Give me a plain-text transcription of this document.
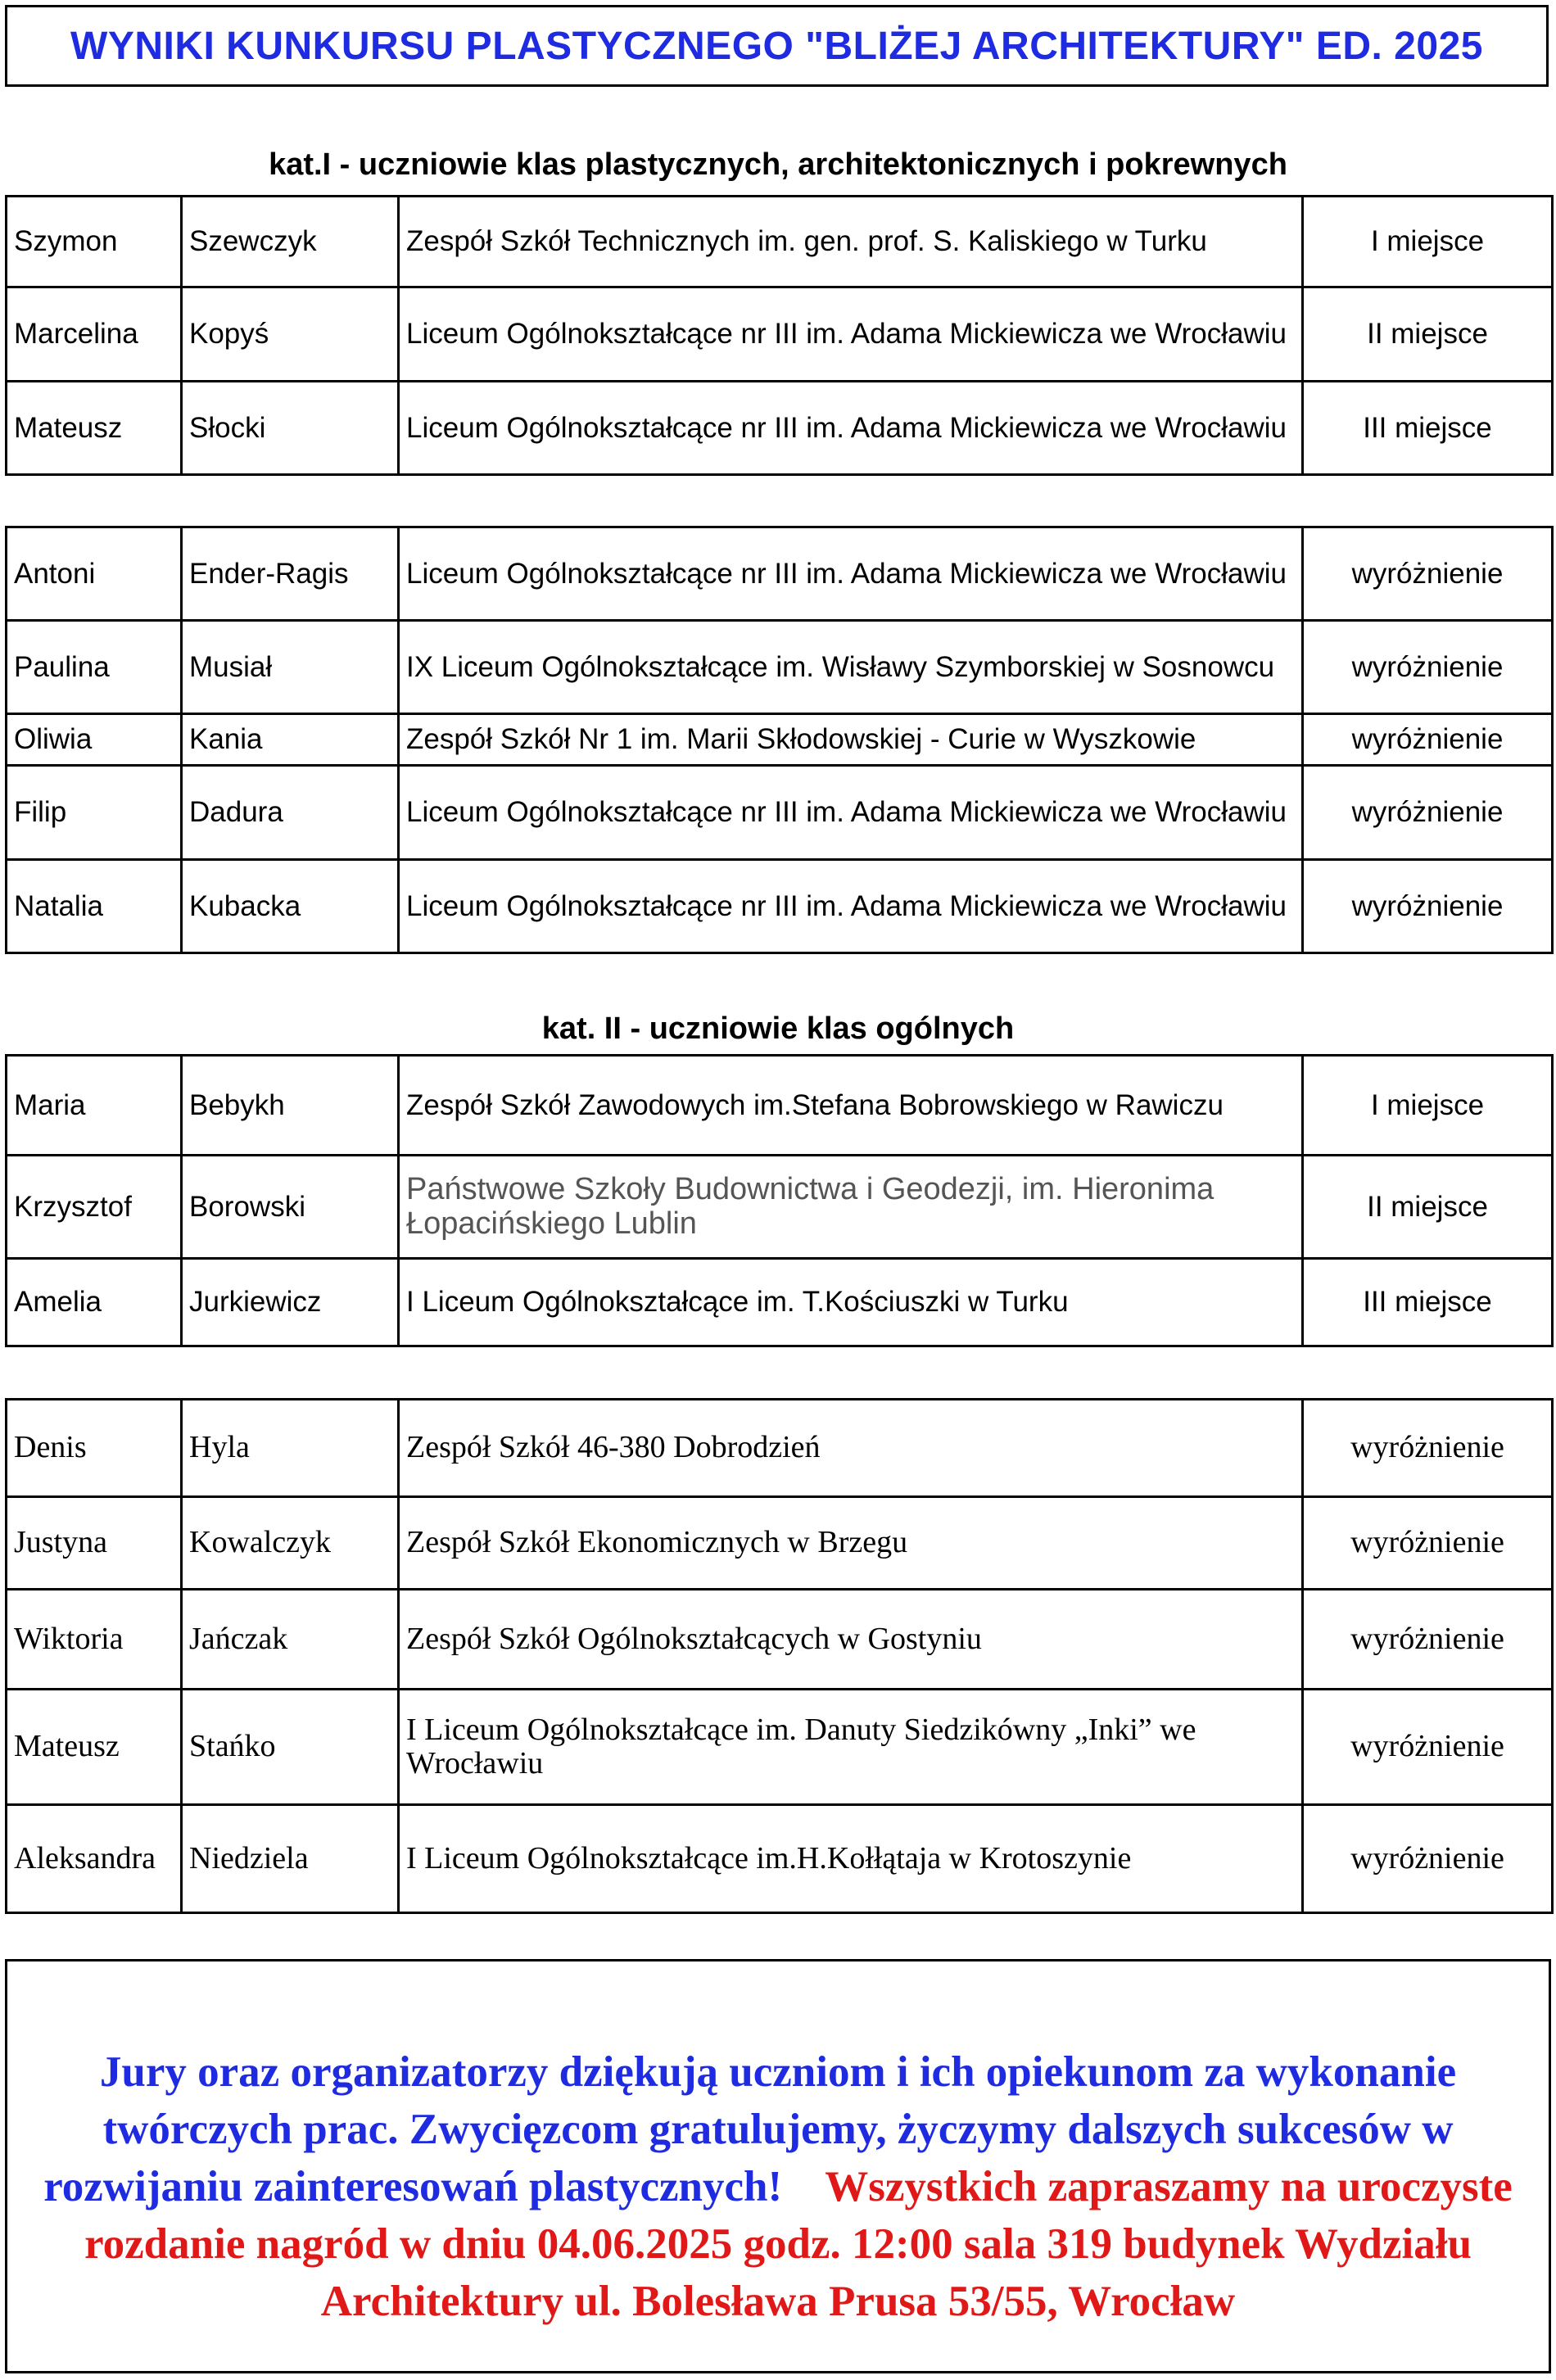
WYNIKI KUNKURSU PLASTYCZNEGO "BLIŻEJ ARCHITEKTURY" ED. 2025
kat.I - uczniowie klas plastycznych, architektonicznych i pokrewnych
Szymon	Szewczyk	Zespół Szkół Technicznych im. gen. prof. S. Kaliskiego w Turku	I miejsce
Marcelina	Kopyś	Liceum Ogólnokształcące nr III im. Adama Mickiewicza we Wrocławiu	II miejsce
Mateusz	Słocki	Liceum Ogólnokształcące nr III im. Adama Mickiewicza we Wrocławiu	III miejsce
Antoni	Ender-Ragis	Liceum Ogólnokształcące nr III im. Adama Mickiewicza we Wrocławiu	wyróżnienie
Paulina	Musiał	IX Liceum Ogólnokształcące im. Wisławy Szymborskiej w Sosnowcu	wyróżnienie
Oliwia	Kania	Zespół Szkół Nr 1 im. Marii Skłodowskiej - Curie w Wyszkowie	wyróżnienie
Filip	Dadura	Liceum Ogólnokształcące nr III im. Adama Mickiewicza we Wrocławiu	wyróżnienie
Natalia	Kubacka	Liceum Ogólnokształcące nr III im. Adama Mickiewicza we Wrocławiu	wyróżnienie
kat. II - uczniowie klas ogólnych
Maria	Bebykh	Zespół Szkół Zawodowych im.Stefana Bobrowskiego w Rawiczu	I miejsce
Krzysztof	Borowski	Państwowe Szkoły Budownictwa i Geodezji, im. Hieronima Łopacińskiego Lublin	II miejsce
Amelia	Jurkiewicz	I Liceum Ogólnokształcące im. T.Kościuszki w Turku	III miejsce
Denis	Hyla	Zespół Szkół 46-380 Dobrodzień	wyróżnienie
Justyna	Kowalczyk	Zespół Szkół Ekonomicznych w Brzegu	wyróżnienie
Wiktoria	Jańczak	Zespół Szkół Ogólnokształcących w Gostyniu	wyróżnienie
Mateusz	Stańko	I Liceum Ogólnokształcące im. Danuty Siedzikówny „Inki” we Wrocławiu	wyróżnienie
Aleksandra	Niedziela	I Liceum Ogólnokształcące im.H.Kołłątaja w Krotoszynie	wyróżnienie
Jury oraz organizatorzy dziękują uczniom i ich opiekunom za wykonanie twórczych prac. Zwycięzcom gratulujemy, życzymy dalszych sukcesów w rozwijaniu zainteresowań plastycznych! Wszystkich zapraszamy na uroczyste rozdanie nagród w dniu 04.06.2025 godz. 12:00 sala 319 budynek Wydziału Architektury ul. Bolesława Prusa 53/55, Wrocław
